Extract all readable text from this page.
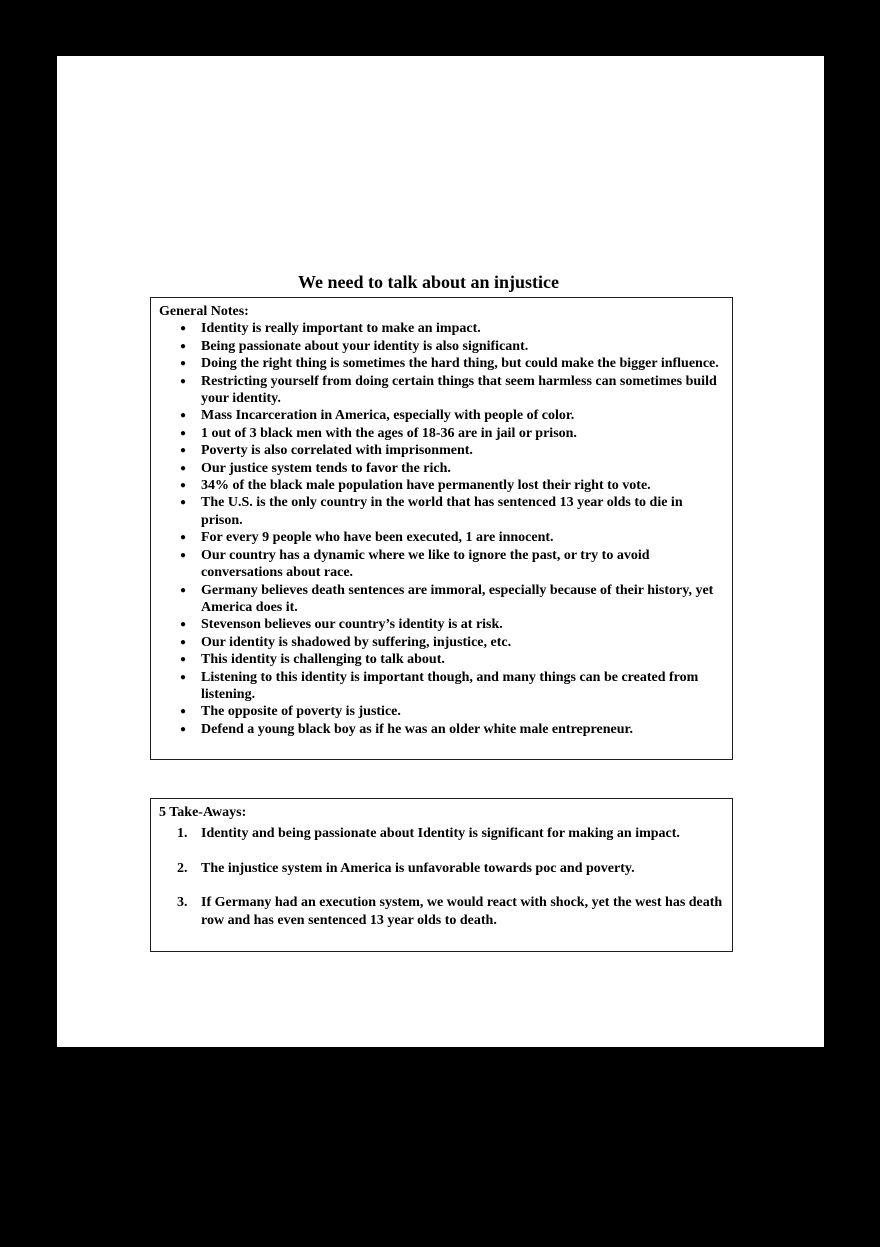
We need to talk about an injustice
General Notes:
● Identity is really important to make an impact.
● Being passionate about your identity is also significant.
● Doing the right thing is sometimes the hard thing, but could make the bigger influence.
● Restricting yourself from doing certain things that seem harmless can sometimes build your identity.
● Mass Incarceration in America, especially with people of color.
● 1 out of 3 black men with the ages of 18-36 are in jail or prison.
● Poverty is also correlated with imprisonment.
● Our justice system tends to favor the rich.
● 34% of the black male population have permanently lost their right to vote.
● The U.S. is the only country in the world that has sentenced 13 year olds to die in prison.
● For every 9 people who have been executed, 1 are innocent.
● Our country has a dynamic where we like to ignore the past, or try to avoid conversations about race.
● Germany believes death sentences are immoral, especially because of their history, yet America does it.
● Stevenson believes our country’s identity is at risk.
● Our identity is shadowed by suffering, injustice, etc.
● This identity is challenging to talk about.
● Listening to this identity is important though, and many things can be created from listening.
● The opposite of poverty is justice.
● Defend a young black boy as if he was an older white male entrepreneur.
5 Take-Aways:
1. Identity and being passionate about Identity is significant for making an impact.
2. The injustice system in America is unfavorable towards poc and poverty.
3. If Germany had an execution system, we would react with shock, yet the west has death row and has even sentenced 13 year olds to death.
